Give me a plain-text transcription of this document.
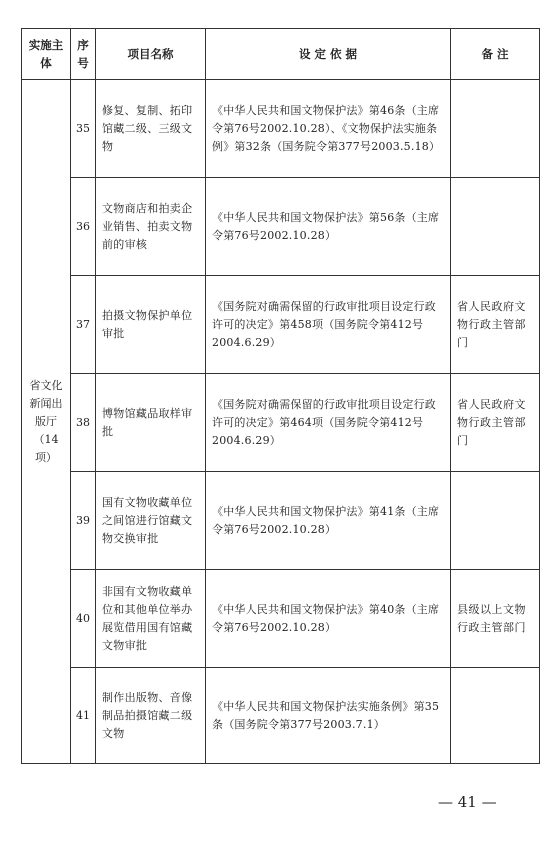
实施主体	序号	项目名称	设 定 依 据	备 注
省文化新闻出版厅（14项）	35	修复、复制、拓印馆藏二级、三级文物	《中华人民共和国文物保护法》第46条（主席令第76号2002.10.28）、《文物保护法实施条例》第32条（国务院令第377号2003.5.18）	
	36	文物商店和拍卖企业销售、拍卖文物前的审核	《中华人民共和国文物保护法》第56条（主席令第76号2002.10.28）	
	37	拍摄文物保护单位审批	《国务院对确需保留的行政审批项目设定行政许可的决定》第458项（国务院令第412号2004.6.29）	省人民政府文物行政主管部门
	38	博物馆藏品取样审批	《国务院对确需保留的行政审批项目设定行政许可的决定》第464项（国务院令第412号2004.6.29）	省人民政府文物行政主管部门
	39	国有文物收藏单位之间馆进行馆藏文物交换审批	《中华人民共和国文物保护法》第41条（主席令第76号2002.10.28）	
	40	非国有文物收藏单位和其他单位举办展览借用国有馆藏文物审批	《中华人民共和国文物保护法》第40条（主席令第76号2002.10.28）	县级以上文物行政主管部门
	41	制作出版物、音像制品拍摄馆藏二级文物	《中华人民共和国文物保护法实施条例》第35条（国务院令第377号2003.7.1）	
— 41 —
